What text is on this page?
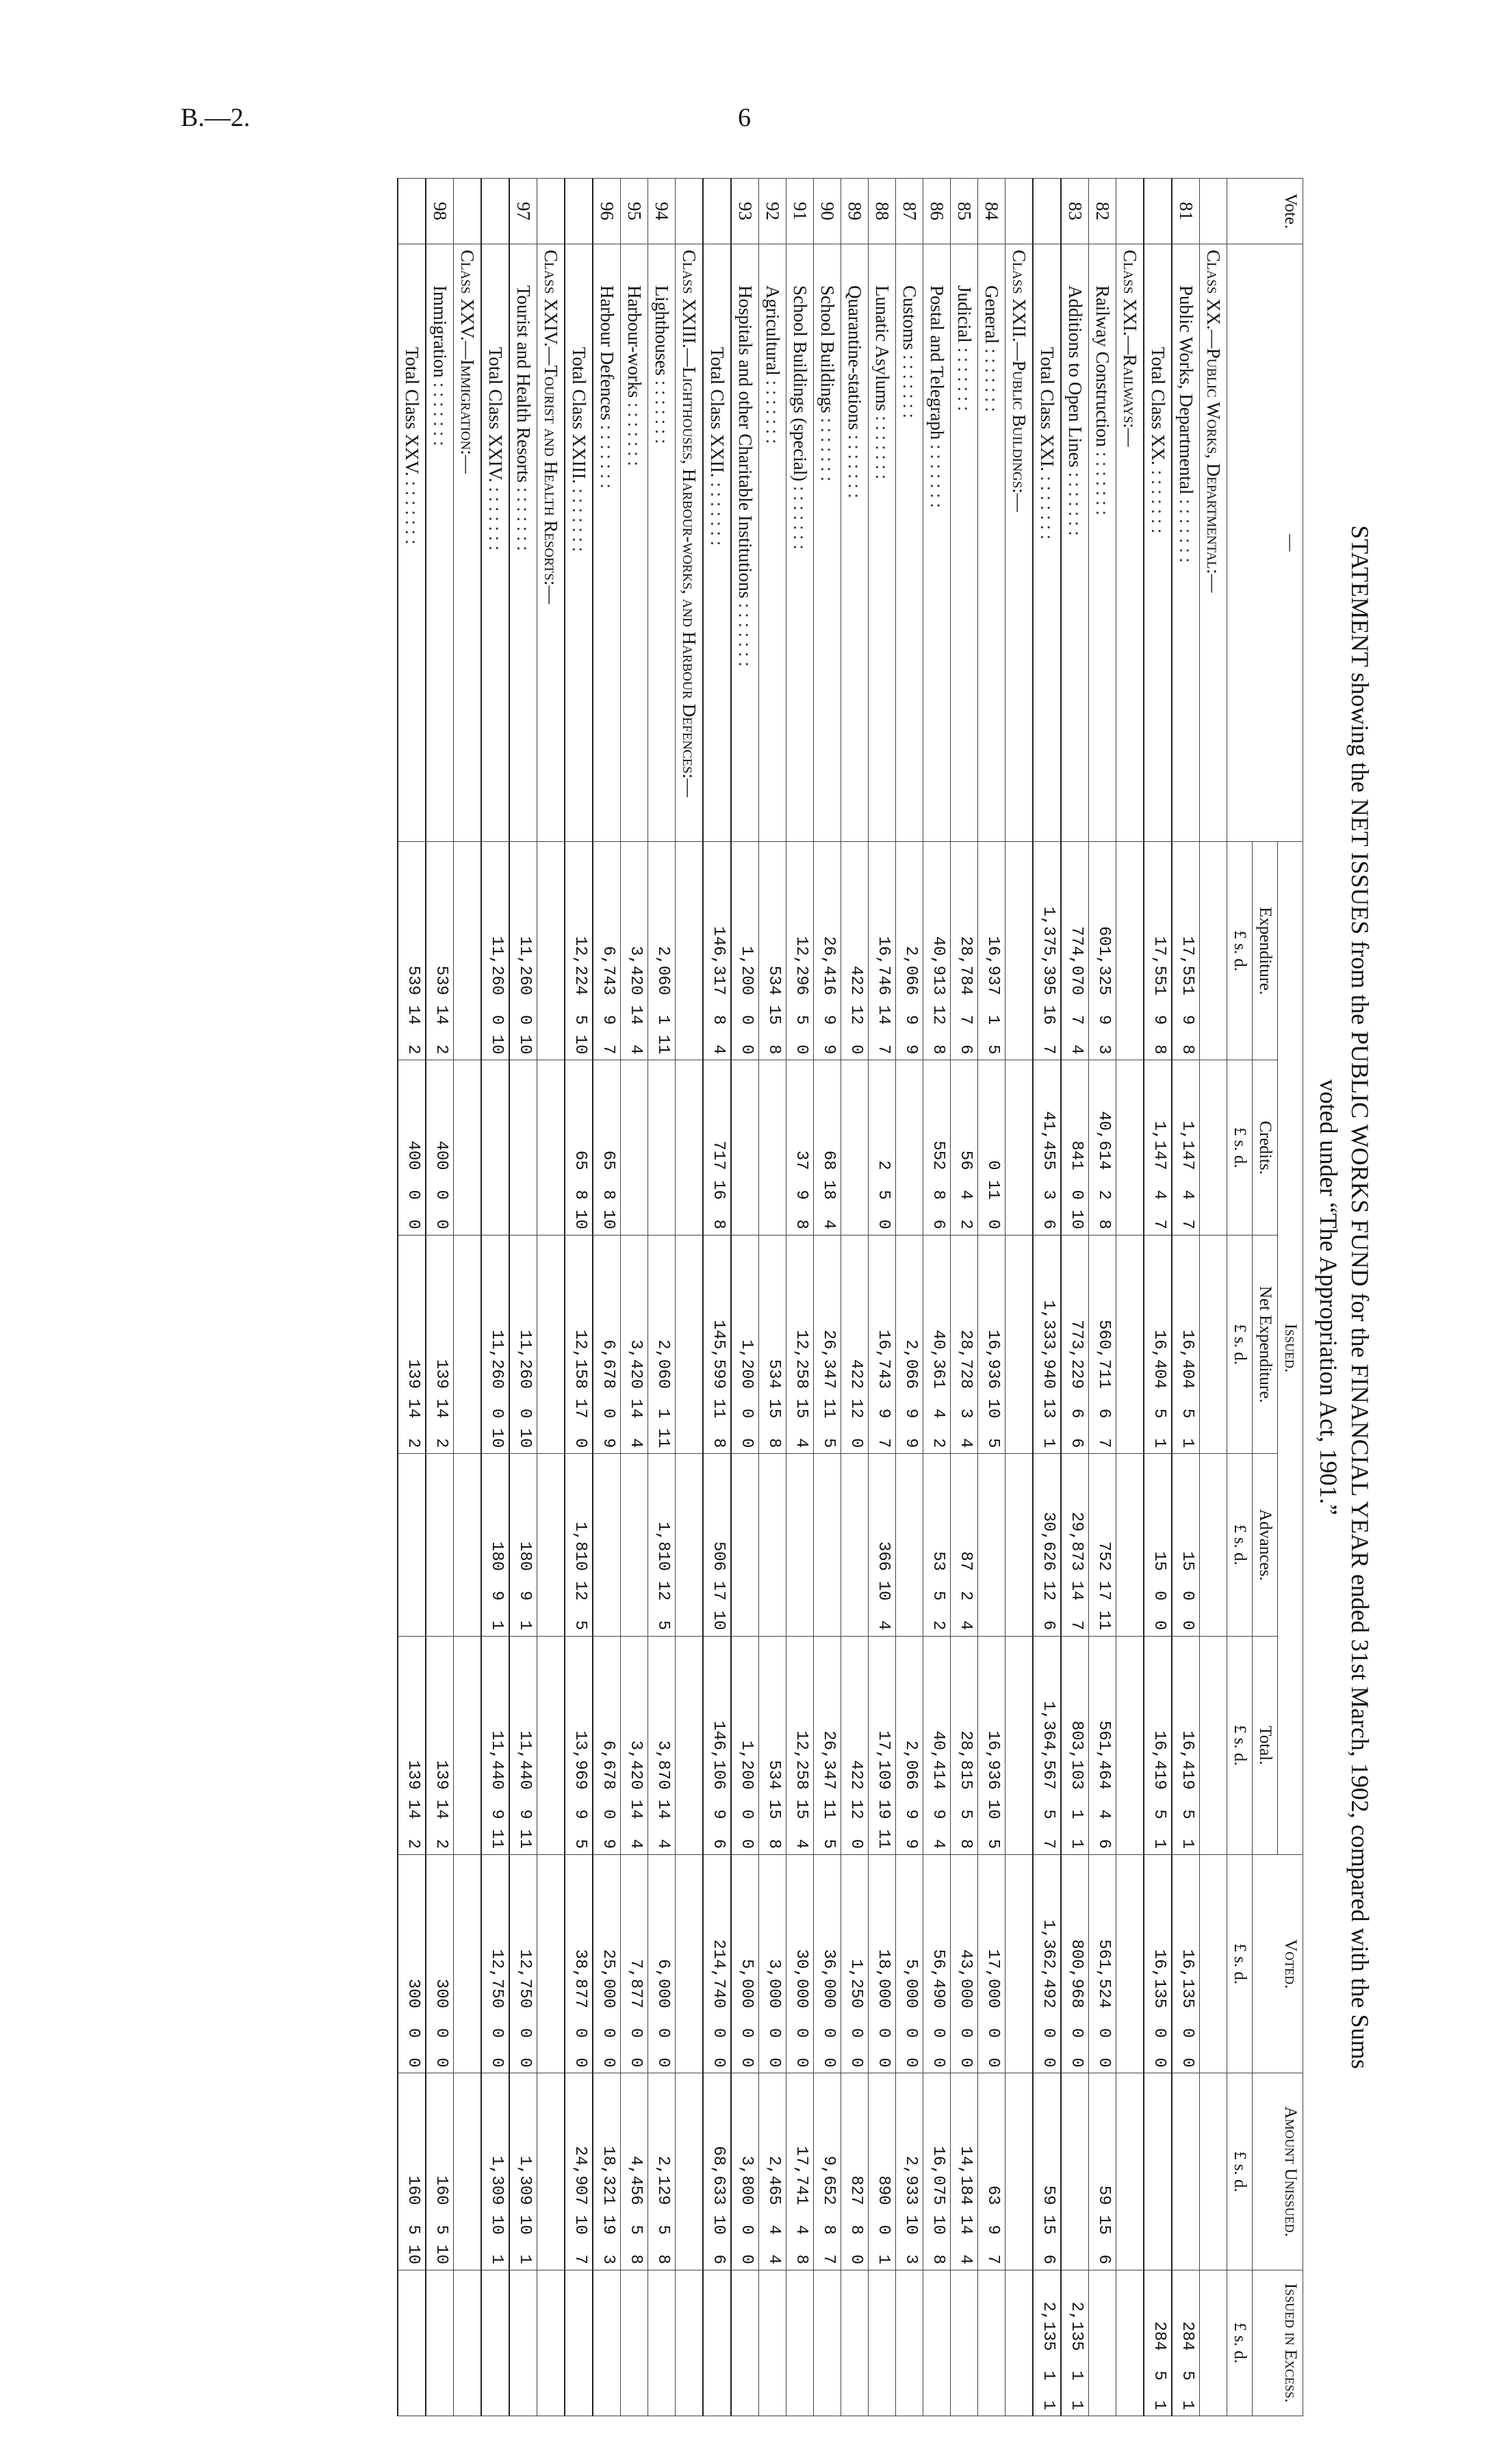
B.—2.	6
STATEMENT showing the NET ISSUES from the PUBLIC WORKS FUND for the FINANCIAL YEAR ended 31st March, 1902, compared with the Sums
voted under “The Appropriation Act, 1901.”
Vote.	—	Issued.					Voted.	Amount Unissued.	Issued in Excess.
		Expenditure.	Credits.	Net Expenditure.	Advances.	Total.			
		£ s. d.	£ s. d.	£ s. d.	£ s. d.	£ s. d.	£ s. d.	£ s. d.	£ s. d.
	Class XX.—Public Works, Departmental:—								
81	Public Works, Departmental : : : : : : :	17,551  9  8	1,147  4  7	16,404  5  1	15  0  0	16,419  5  1	16,135  0  0		284  5  1
	Total Class XX. : : : : : : :	17,551  9  8	1,147  4  7	16,404  5  1	15  0  0	16,419  5  1	16,135  0  0		284  5  1
	Class XXI.—Railways:—								
82	Railway Construction : : : : : : :	601,325  9  3	40,614  2  8	560,711  6  7	752 17 11	561,464  4  6	561,524  0  0	59 15  6	
83	Additions to Open Lines : : : : : : :	774,070  7  4	841  0 10	773,229  6  6	29,873 14  7	803,103  1  1	800,968  0  0		2,135  1  1
	Total Class XXI. : : : : : : :	1,375,395 16  7	41,455  3  6	1,333,940 13  1	30,626 12  6	1,364,567  5  7	1,362,492  0  0	59 15  6	2,135  1  1
	Class XXII.—Public Buildings:—								
84	General : : : : : : :	16,937  1  5	0 11  0	16,936 10  5		16,936 10  5	17,000  0  0	63  9  7	
85	Judicial : : : : : : :	28,784  7  6	56  4  2	28,728  3  4	87  2  4	28,815  5  8	43,000  0  0	14,184 14  4	
86	Postal and Telegraph : : : : : : :	40,913 12  8	552  8  6	40,361  4  2	53  5  2	40,414  9  4	56,490  0  0	16,075 10  8	
87	Customs : : : : : : :	2,066  9  9		2,066  9  9		2,066  9  9	5,000  0  0	2,933 10  3	
88	Lunatic Asylums : : : : : : :	16,746 14  7	2  5  0	16,743  9  7	366 10  4	17,109 19 11	18,000  0  0	890  0  1	
89	Quarantine-stations : : : : : : :	422 12  0		422 12  0		422 12  0	1,250  0  0	827  8  0	
90	School Buildings : : : : : : :	26,416  9  9	68 18  4	26,347 11  5		26,347 11  5	36,000  0  0	9,652  8  7	
91	School Buildings (special) : : : : : : :	12,296  5  0	37  9  8	12,258 15  4		12,258 15  4	30,000  0  0	17,741  4  8	
92	Agricultural : : : : : : :	534 15  8		534 15  8		534 15  8	3,000  0  0	2,465  4  4	
93	Hospitals and other Charitable Institutions : : : : : : :	1,200  0  0		1,200  0  0		1,200  0  0	5,000  0  0	3,800  0  0	
	Total Class XXII. : : : : : : :	146,317  8  4	717 16  8	145,599 11  8	506 17 10	146,106  9  6	214,740  0  0	68,633 10  6	
	Class XXIII.—Lighthouses, Harbour-works, and Harbour Defences:—								
94	Lighthouses : : : : : : :	2,060  1 11		2,060  1 11	1,810 12  5	3,870 14  4	6,000  0  0	2,129  5  8	
95	Harbour-works : : : : : : :	3,420 14  4		3,420 14  4		3,420 14  4	7,877  0  0	4,456  5  8	
96	Harbour Defences : : : : : : :	6,743  9  7	65  8 10	6,678  0  9		6,678  0  9	25,000  0  0	18,321 19  3	
	Total Class XXIII. : : : : : : :	12,224  5 10	65  8 10	12,158 17  0	1,810 12  5	13,969  9  5	38,877  0  0	24,907 10  7	
	Class XXIV.—Tourist and Health Resorts:—								
97	Tourist and Health Resorts : : : : : : :	11,260  0 10		11,260  0 10	180  9  1	11,440  9 11	12,750  0  0	1,309 10  1	
	Total Class XXIV. : : : : : : :	11,260  0 10		11,260  0 10	180  9  1	11,440  9 11	12,750  0  0	1,309 10  1	
	Class XXV.—Immigration:—								
98	Immigration : : : : : : :	539 14  2	400  0  0	139 14  2		139 14  2	300  0  0	160  5 10	
	Total Class XXV. : : : : : : :	539 14  2	400  0  0	139 14  2		139 14  2	300  0  0	160  5 10	
